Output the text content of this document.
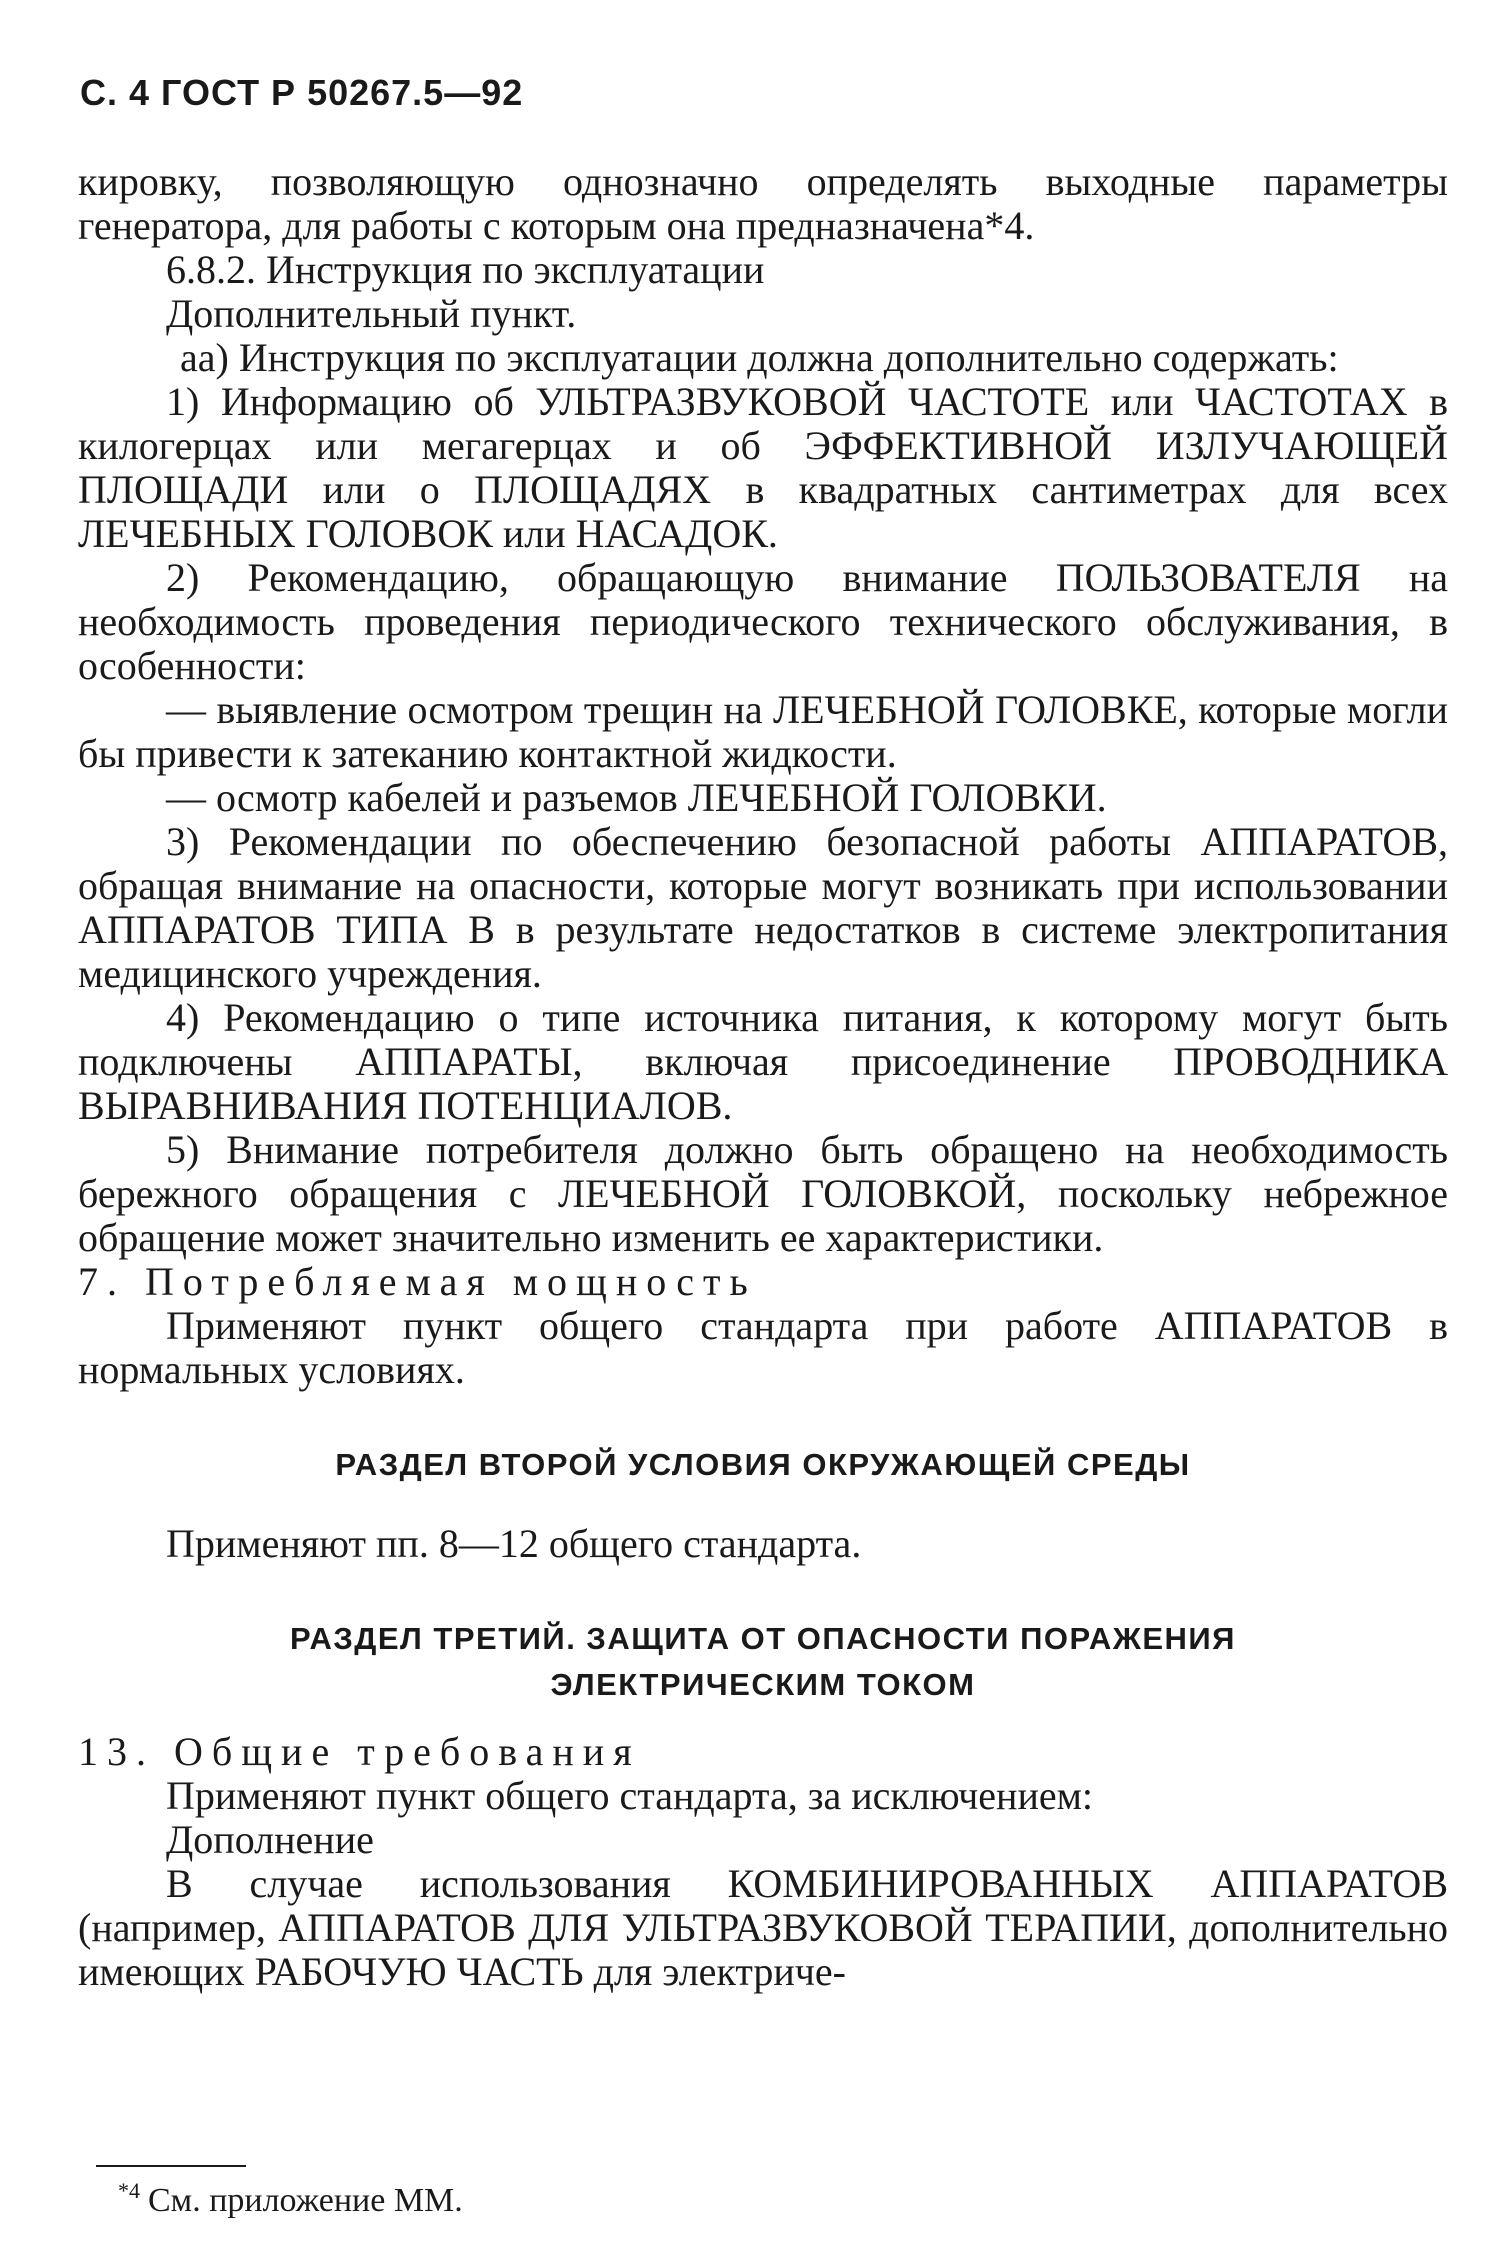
С. 4 ГОСТ Р 50267.5—92

кировку, позволяющую однозначно определять выходные параметры генератора, для работы с которым она предназначена*4.

6.8.2. Инструкция по эксплуатации

Дополнительный пункт.

аа) Инструкция по эксплуатации должна дополнительно содержать:

1) Информацию об УЛЬТРАЗВУКОВОЙ ЧАСТОТЕ или ЧАСТОТАХ в килогерцах или мегагерцах и об ЭФФЕКТИВНОЙ ИЗЛУЧАЮЩЕЙ ПЛОЩАДИ или о ПЛОЩАДЯХ в квадратных сантиметрах для всех ЛЕЧЕБНЫХ ГОЛОВОК или НАСАДОК.

2) Рекомендацию, обращающую внимание ПОЛЬЗОВАТЕЛЯ на необходимость проведения периодического технического обслуживания, в особенности:

— выявление осмотром трещин на ЛЕЧЕБНОЙ ГОЛОВКЕ, которые могли бы привести к затеканию контактной жидкости.

— осмотр кабелей и разъемов ЛЕЧЕБНОЙ ГОЛОВКИ.

3) Рекомендации по обеспечению безопасной работы АППАРАТОВ, обращая внимание на опасности, которые могут возникать при использовании АППАРАТОВ ТИПА В в результате недостатков в системе электропитания медицинского учреждения.

4) Рекомендацию о типе источника питания, к которому могут быть подключены АППАРАТЫ, включая присоединение ПРОВОДНИКА ВЫРАВНИВАНИЯ ПОТЕНЦИАЛОВ.

5) Внимание потребителя должно быть обращено на необходимость бережного обращения с ЛЕЧЕБНОЙ ГОЛОВКОЙ, поскольку небрежное обращение может значительно изменить ее характеристики.

7. Потребляемая мощность

Применяют пункт общего стандарта при работе АППАРАТОВ в нормальных условиях.

РАЗДЕЛ ВТОРОЙ УСЛОВИЯ ОКРУЖАЮЩЕЙ СРЕДЫ

Применяют пп. 8—12 общего стандарта.

РАЗДЕЛ ТРЕТИЙ. ЗАЩИТА ОТ ОПАСНОСТИ ПОРАЖЕНИЯ

ЭЛЕКТРИЧЕСКИМ ТОКОМ

13. Общие требования

Применяют пункт общего стандарта, за исключением:

Дополнение

В случае использования КОМБИНИРОВАННЫХ АППАРАТОВ (например, АППАРАТОВ ДЛЯ УЛЬТРАЗВУКОВОЙ ТЕРАПИИ, дополнительно имеющих РАБОЧУЮ ЧАСТЬ для электриче-

$^{*4}$ См. приложение ММ.
